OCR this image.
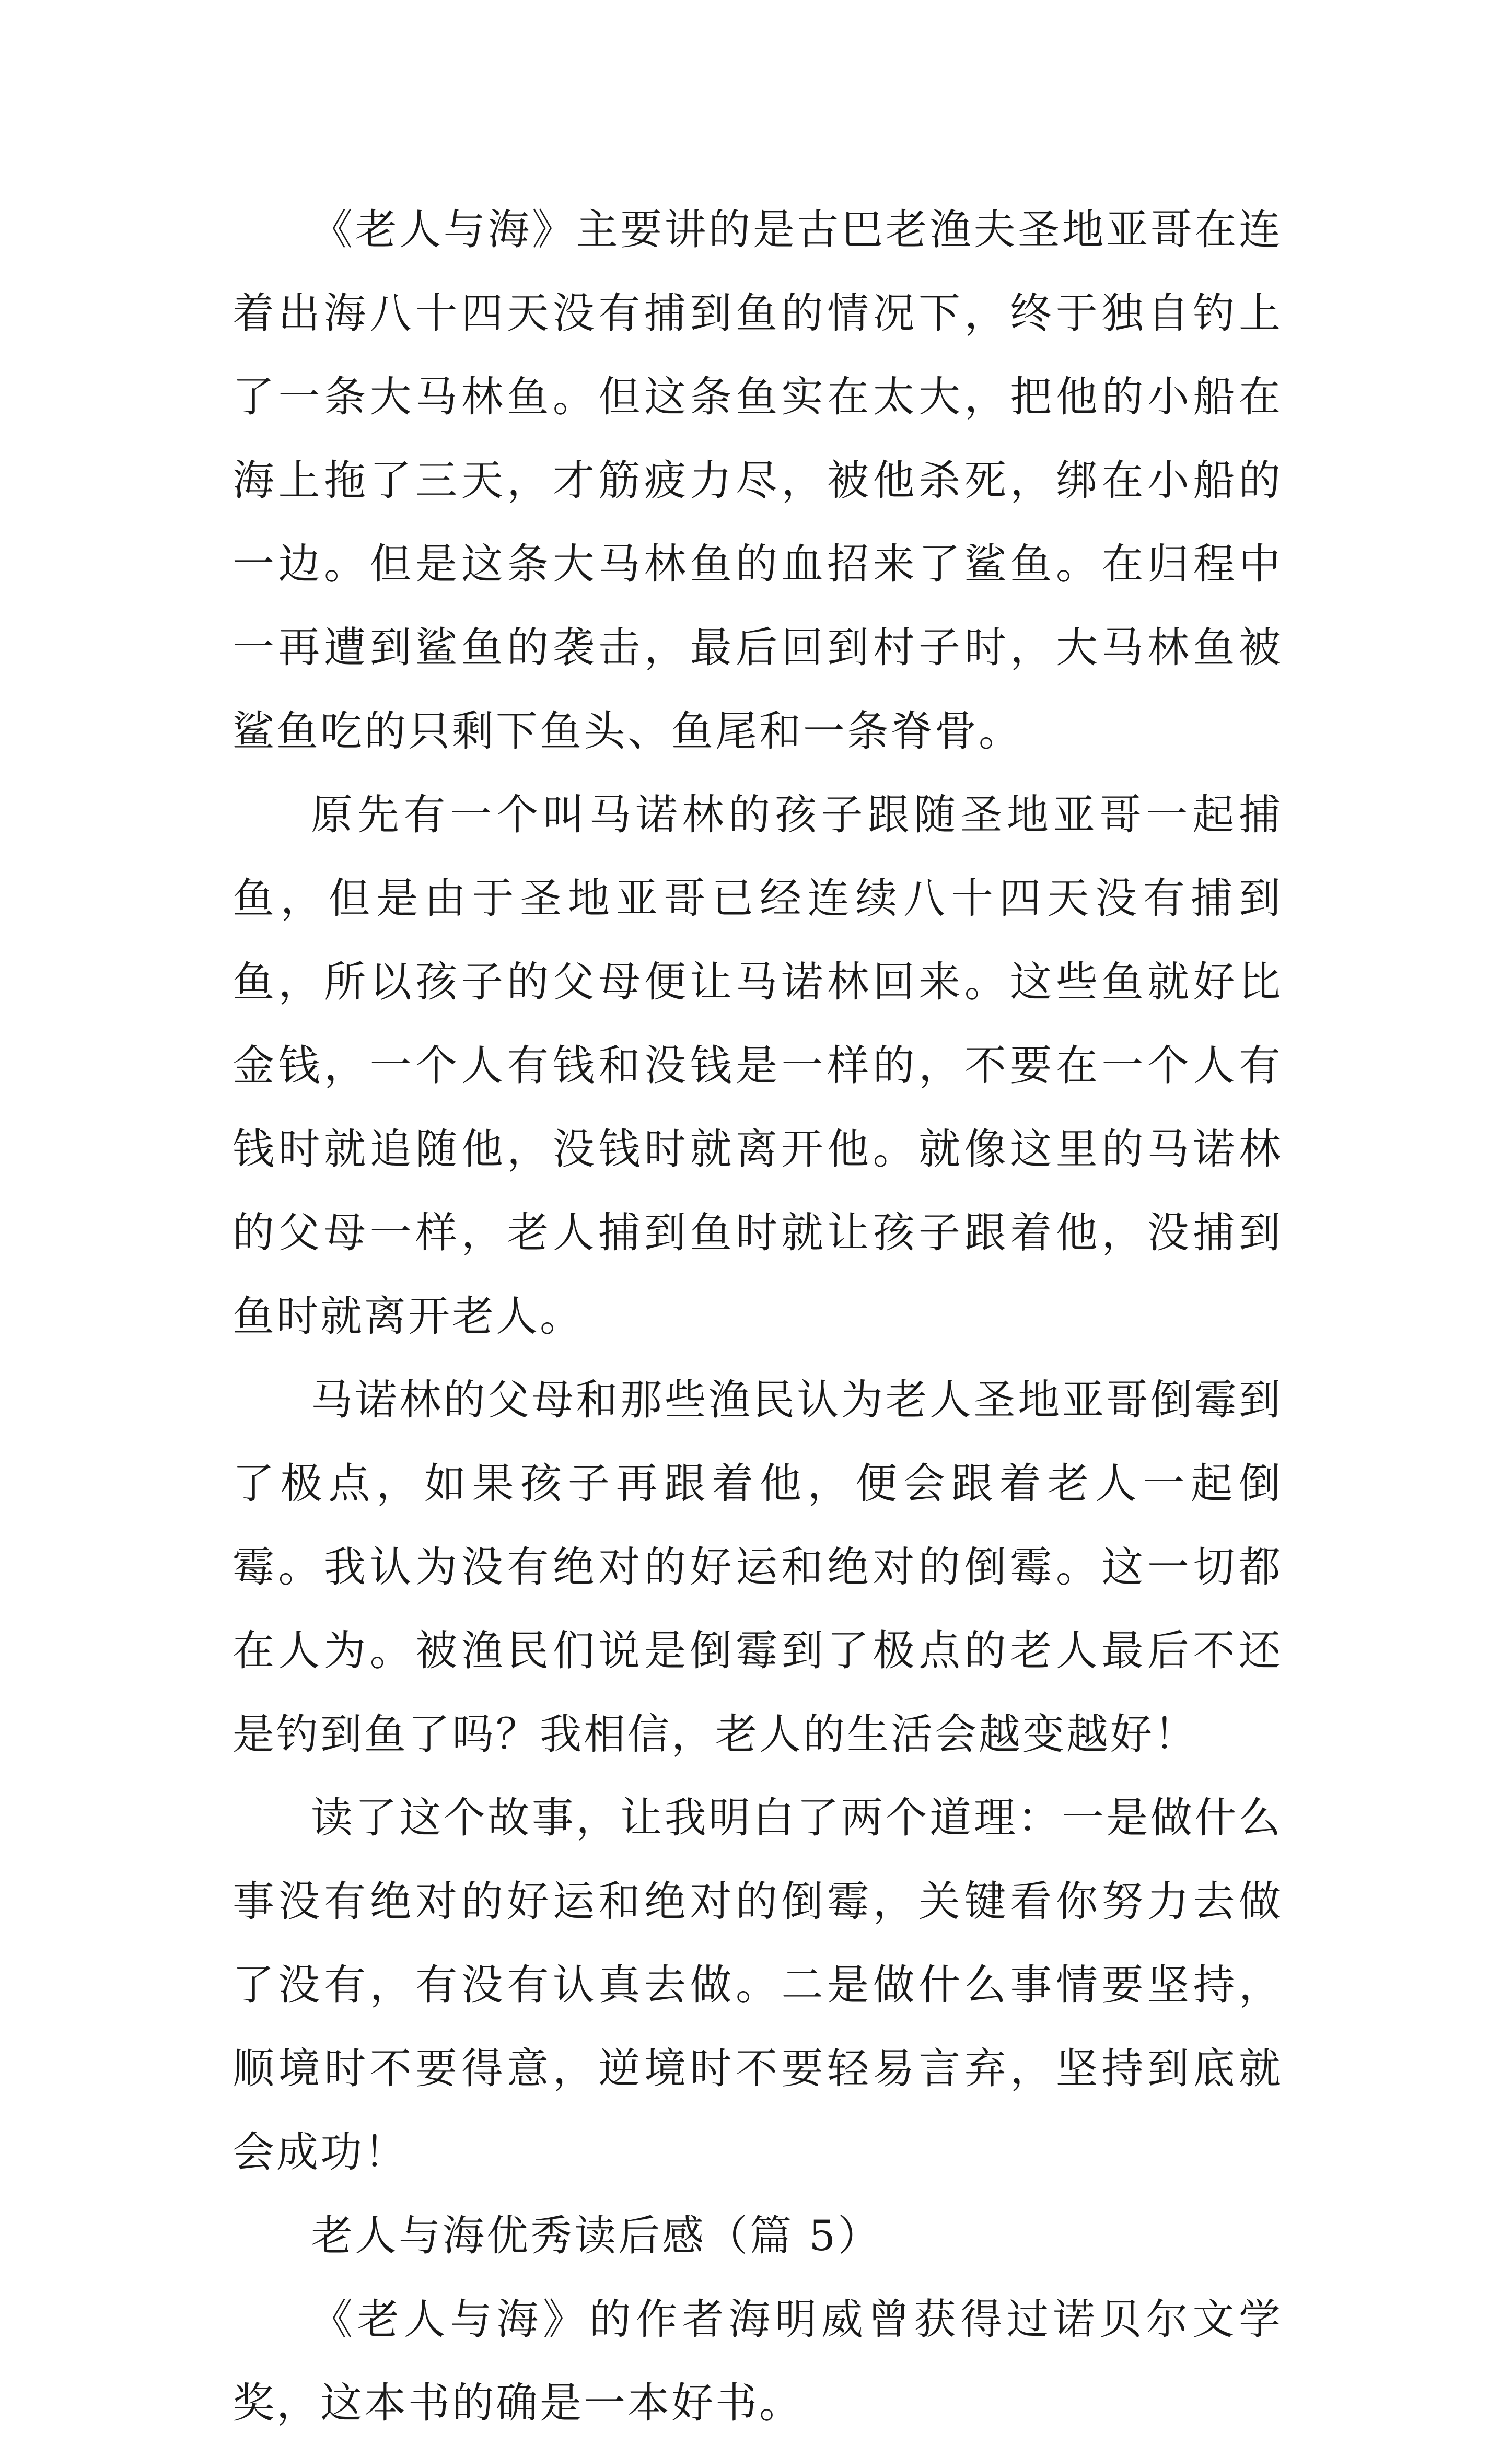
《老人与海》主要讲的是古巴老渔夫圣地亚哥在连着出海八十四天没有捕到鱼的情况下，终于独自钓上了一条大马林鱼。但这条鱼实在太大，把他的小船在海上拖了三天，才筋疲力尽，被他杀死，绑在小船的一边。但是这条大马林鱼的血招来了鲨鱼。在归程中一再遭到鲨鱼的袭击，最后回到村子时，大马林鱼被鲨鱼吃的只剩下鱼头、鱼尾和一条脊骨。

原先有一个叫马诺林的孩子跟随圣地亚哥一起捕鱼，但是由于圣地亚哥已经连续八十四天没有捕到鱼，所以孩子的父母便让马诺林回来。这些鱼就好比金钱，一个人有钱和没钱是一样的，不要在一个人有钱时就追随他，没钱时就离开他。就像这里的马诺林的父母一样，老人捕到鱼时就让孩子跟着他，没捕到鱼时就离开老人。

马诺林的父母和那些渔民认为老人圣地亚哥倒霉到了极点，如果孩子再跟着他，便会跟着老人一起倒霉。我认为没有绝对的好运和绝对的倒霉。这一切都在人为。被渔民们说是倒霉到了极点的老人最后不还是钓到鱼了吗？我相信，老人的生活会越变越好！

读了这个故事，让我明白了两个道理：一是做什么事没有绝对的好运和绝对的倒霉，关键看你努力去做了没有，有没有认真去做。二是做什么事情要坚持，顺境时不要得意，逆境时不要轻易言弃，坚持到底就会成功！

老人与海优秀读后感（篇 5）

《老人与海》的作者海明威曾获得过诺贝尔文学奖，这本书的确是一本好书。
